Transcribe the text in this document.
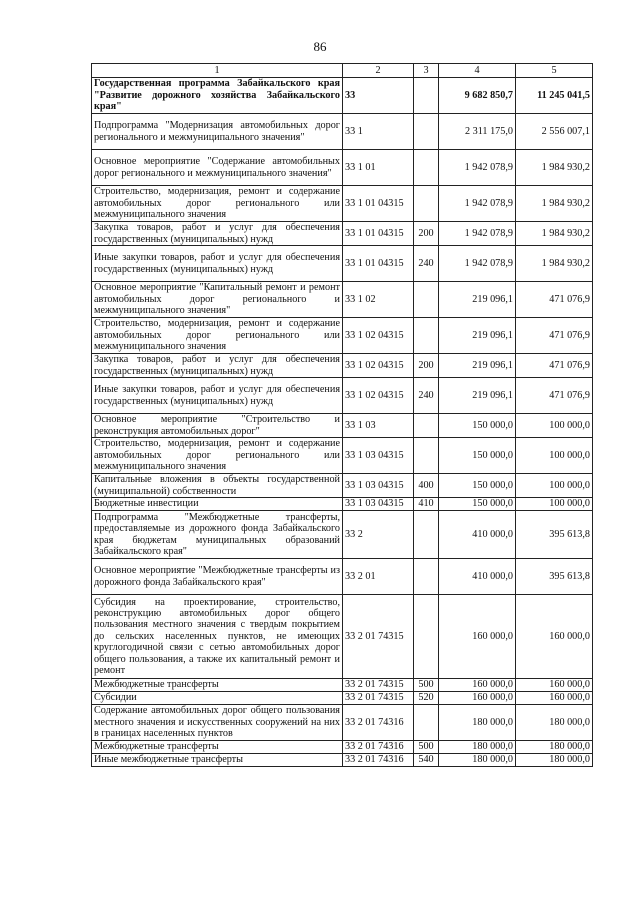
86
1	2	3	4	5
Государственная программа Забайкальского края "Развитие дорожного хозяйства Забайкальского края"	33		9 682 850,7	11 245 041,5
Подпрограмма "Модернизация автомобильных дорог регионального и межмуниципального значения"	33 1		2 311 175,0	2 556 007,1
Основное мероприятие "Содержание автомобильных дорог регионального и межмуниципального значения"	33 1 01		1 942 078,9	1 984 930,2
Строительство, модернизация, ремонт и содержание автомобильных дорог регионального или межмуниципального значения	33 1 01 04315		1 942 078,9	1 984 930,2
Закупка товаров, работ и услуг для обеспечения государственных (муниципальных) нужд	33 1 01 04315	200	1 942 078,9	1 984 930,2
Иные закупки товаров, работ и услуг для обеспечения государственных (муниципальных) нужд	33 1 01 04315	240	1 942 078,9	1 984 930,2
Основное мероприятие "Капитальный ремонт и ремонт автомобильных дорог регионального и межмуниципального значения"	33 1 02		219 096,1	471 076,9
Строительство, модернизация, ремонт и содержание автомобильных дорог регионального или межмуниципального значения	33 1 02 04315		219 096,1	471 076,9
Закупка товаров, работ и услуг для обеспечения государственных (муниципальных) нужд	33 1 02 04315	200	219 096,1	471 076,9
Иные закупки товаров, работ и услуг для обеспечения государственных (муниципальных) нужд	33 1 02 04315	240	219 096,1	471 076,9
Основное мероприятие "Строительство и реконструкция автомобильных дорог"	33 1 03		150 000,0	100 000,0
Строительство, модернизация, ремонт и содержание автомобильных дорог регионального или межмуниципального значения	33 1 03 04315		150 000,0	100 000,0
Капитальные вложения в объекты государственной (муниципальной) собственности	33 1 03 04315	400	150 000,0	100 000,0
Бюджетные инвестиции	33 1 03 04315	410	150 000,0	100 000,0
Подпрограмма "Межбюджетные трансферты, предоставляемые из дорожного фонда Забайкальского края бюджетам муниципальных образований Забайкальского края"	33 2		410 000,0	395 613,8
Основное мероприятие "Межбюджетные трансферты из дорожного фонда Забайкальского края"	33 2 01		410 000,0	395 613,8
Субсидия на проектирование, строительство, реконструкцию автомобильных дорог общего пользования местного значения с твердым покрытием до сельских населенных пунктов, не имеющих круглогодичной связи с сетью автомобильных дорог общего пользования, а также их капитальный ремонт и ремонт	33 2 01 74315		160 000,0	160 000,0
Межбюджетные трансферты	33 2 01 74315	500	160 000,0	160 000,0
Субсидии	33 2 01 74315	520	160 000,0	160 000,0
Содержание автомобильных дорог общего пользования местного значения и искусственных сооружений на них в границах населенных пунктов	33 2 01 74316		180 000,0	180 000,0
Межбюджетные трансферты	33 2 01 74316	500	180 000,0	180 000,0
Иные межбюджетные трансферты	33 2 01 74316	540	180 000,0	180 000,0
